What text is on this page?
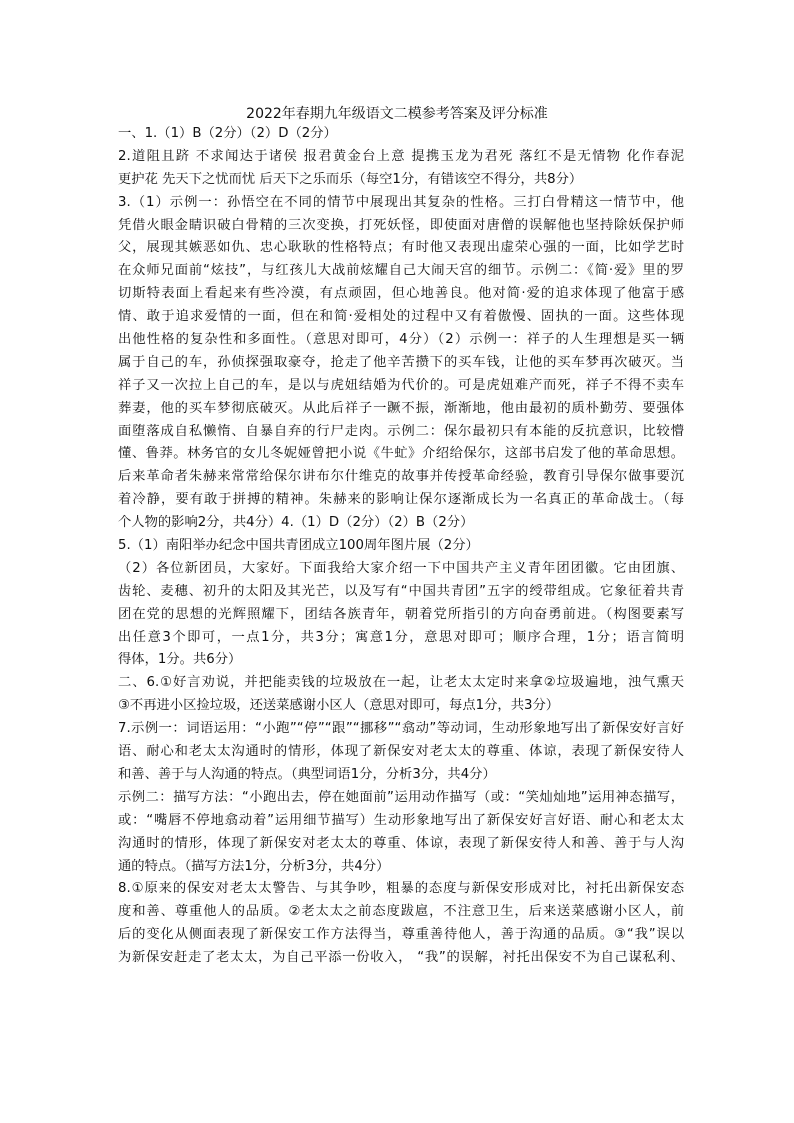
2022年春期九年级语文二模参考答案及评分标准
一、1.（1）B（2分）（2）D（2分）
2.道阻且跻 不求闻达于诸侯 报君黄金台上意 提携玉龙为君死 落红不是无情物 化作春泥
更护花 先天下之忧而忧 后天下之乐而乐（每空1分，有错该空不得分，共8分）
3.（1）示例一：孙悟空在不同的情节中展现出其复杂的性格。三打白骨精这一情节中，他
凭借火眼金睛识破白骨精的三次变换，打死妖怪，即使面对唐僧的误解他也坚持除妖保护师
父，展现其嫉恶如仇、忠心耿耿的性格特点；有时他又表现出虚荣心强的一面，比如学艺时
在众师兄面前“炫技”，与红孩儿大战前炫耀自己大闹天宫的细节。示例二：《简·爱》里的罗
切斯特表面上看起来有些冷漠，有点顽固，但心地善良。他对简·爱的追求体现了他富于感
情、敢于追求爱情的一面，但在和简·爱相处的过程中又有着傲慢、固执的一面。这些体现
出他性格的复杂性和多面性。（意思对即可，4分）（2）示例一：祥子的人生理想是买一辆
属于自己的车，孙侦探强取豪夺，抢走了他辛苦攒下的买车钱，让他的买车梦再次破灭。当
祥子又一次拉上自己的车，是以与虎妞结婚为代价的。可是虎妞难产而死，祥子不得不卖车
葬妻，他的买车梦彻底破灭。从此后祥子一蹶不振，渐渐地，他由最初的质朴勤劳、要强体
面堕落成自私懒惰、自暴自弃的行尸走肉。示例二：保尔最初只有本能的反抗意识，比较懵
懂、鲁莽。林务官的女儿冬妮娅曾把小说《牛虻》介绍给保尔，这部书启发了他的革命思想。
后来革命者朱赫来常常给保尔讲布尔什维克的故事并传授革命经验，教育引导保尔做事要沉
着冷静，要有敢于拼搏的精神。朱赫来的影响让保尔逐渐成长为一名真正的革命战士。（每
个人物的影响2分，共4分）4.（1）D（2分）（2）B（2分）
5.（1）南阳举办纪念中国共青团成立100周年图片展（2分）
（2）各位新团员，大家好。下面我给大家介绍一下中国共产主义青年团团徽。它由团旗、
齿轮、麦穗、初升的太阳及其光芒，以及写有“中国共青团”五字的绶带组成。它象征着共青
团在党的思想的光辉照耀下，团结各族青年，朝着党所指引的方向奋勇前进。（构图要素写
出任意3个即可，一点1分，共3分；寓意1分，意思对即可；顺序合理，1分；语言简明
得体，1分。共6分）
二、6.①好言劝说，并把能卖钱的垃圾放在一起，让老太太定时来拿②垃圾遍地，浊气熏天
③不再进小区捡垃圾，还送菜感谢小区人（意思对即可，每点1分，共3分）
7.示例一：词语运用：“小跑”“停”“跟”“挪移”“翕动”等动词，生动形象地写出了新保安好言好
语、耐心和老太太沟通时的情形，体现了新保安对老太太的尊重、体谅，表现了新保安待人
和善、善于与人沟通的特点。（典型词语1分，分析3分，共4分）
示例二：描写方法：“小跑出去，停在她面前”运用动作描写（或：“笑灿灿地”运用神态描写，
或：“嘴唇不停地翕动着”运用细节描写）生动形象地写出了新保安好言好语、耐心和老太太
沟通时的情形，体现了新保安对老太太的尊重、体谅，表现了新保安待人和善、善于与人沟
通的特点。（描写方法1分，分析3分，共4分）
8.①原来的保安对老太太警告、与其争吵，粗暴的态度与新保安形成对比，衬托出新保安态
度和善、尊重他人的品质。②老太太之前态度跋扈，不注意卫生，后来送菜感谢小区人，前
后的变化从侧面表现了新保安工作方法得当，尊重善待他人，善于沟通的品质。③“我”误以
为新保安赶走了老太太，为自己平添一份收入， “我”的误解，衬托出保安不为自己谋私利、
